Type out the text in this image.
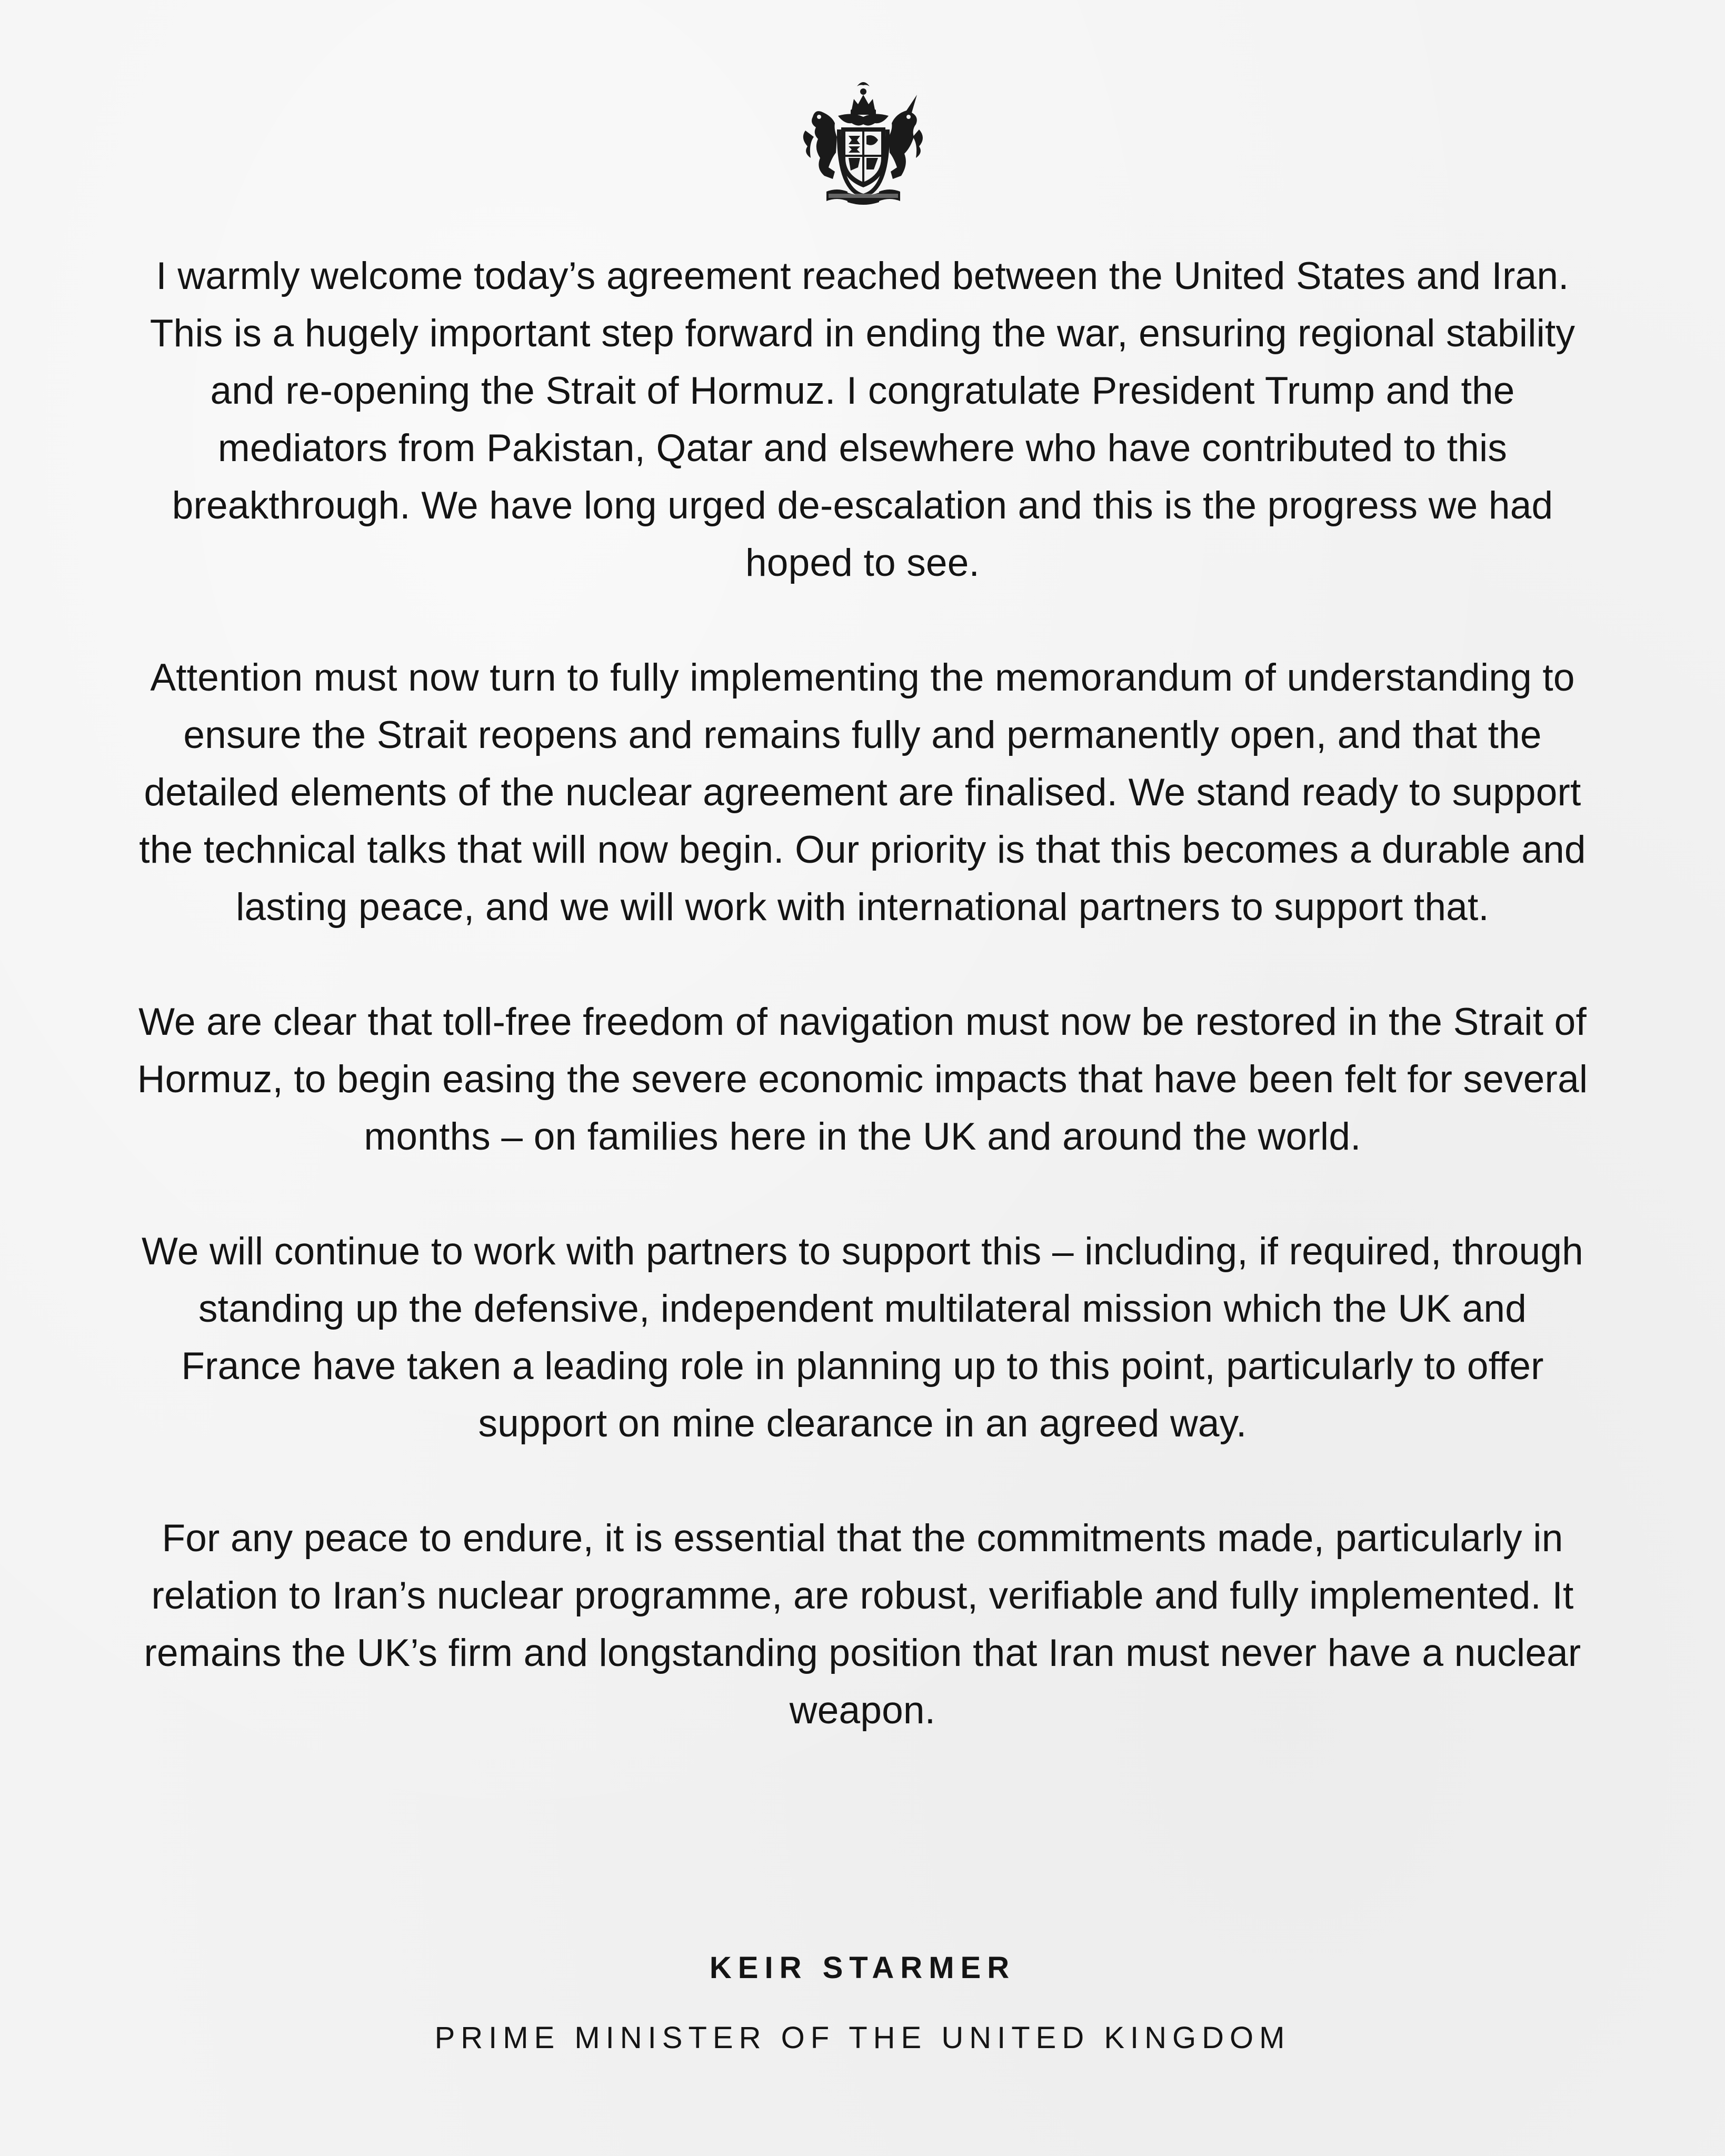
I warmly welcome today’s agreement reached between the United States and Iran. This is a hugely important step forward in ending the war, ensuring regional stability and re-opening the Strait of Hormuz. I congratulate President Trump and the mediators from Pakistan, Qatar and elsewhere who have contributed to this breakthrough. We have long urged de-escalation and this is the progress we had hoped to see.

Attention must now turn to fully implementing the memorandum of understanding to ensure the Strait reopens and remains fully and permanently open, and that the detailed elements of the nuclear agreement are finalised. We stand ready to support the technical talks that will now begin. Our priority is that this becomes a durable and lasting peace, and we will work with international partners to support that.

We are clear that toll-free freedom of navigation must now be restored in the Strait of Hormuz, to begin easing the severe economic impacts that have been felt for several months – on families here in the UK and around the world.

We will continue to work with partners to support this – including, if required, through standing up the defensive, independent multilateral mission which the UK and France have taken a leading role in planning up to this point, particularly to offer support on mine clearance in an agreed way.

For any peace to endure, it is essential that the commitments made, particularly in relation to Iran’s nuclear programme, are robust, verifiable and fully implemented. It remains the UK’s firm and longstanding position that Iran must never have a nuclear weapon.

KEIR STARMER
PRIME MINISTER OF THE UNITED KINGDOM
